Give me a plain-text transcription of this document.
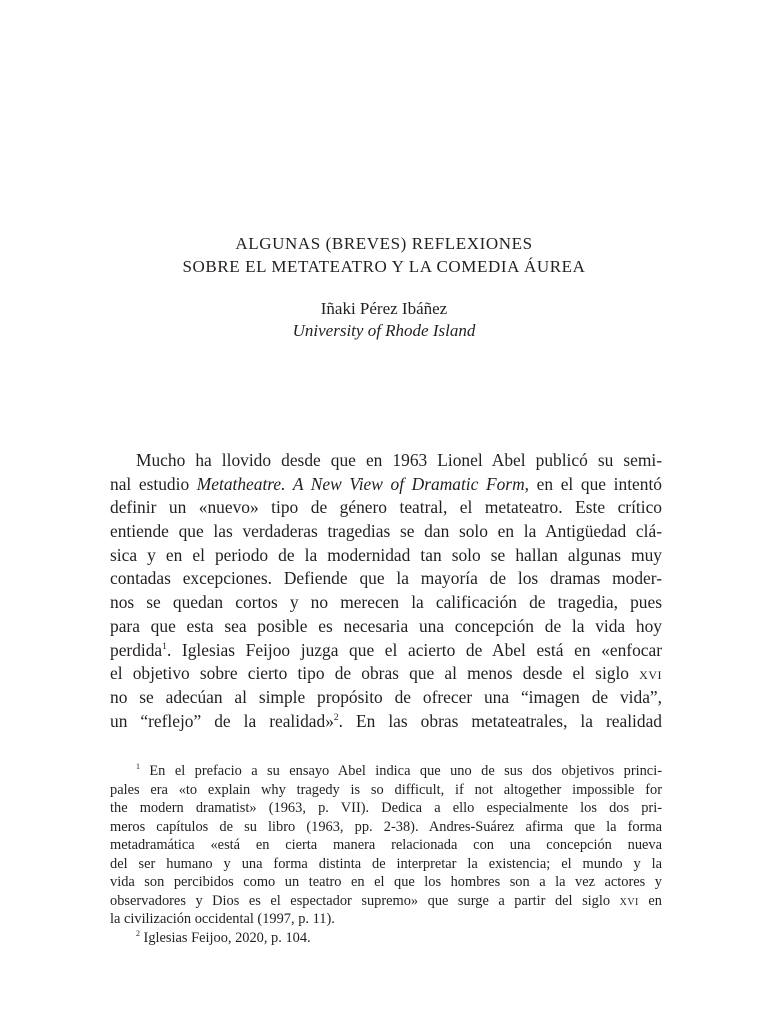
ALGUNAS (BREVES) REFLEXIONES
SOBRE EL METATEATRO Y LA COMEDIA ÁUREA
Iñaki Pérez Ibáñez
University of Rhode Island
Mucho ha llovido desde que en 1963 Lionel Abel publicó su semi-
nal estudio Metatheatre. A New View of Dramatic Form, en el que intentó
definir un «nuevo» tipo de género teatral, el metateatro. Este crítico
entiende que las verdaderas tragedias se dan solo en la Antigüedad clá-
sica y en el periodo de la modernidad tan solo se hallan algunas muy
contadas excepciones. Defiende que la mayoría de los dramas moder-
nos se quedan cortos y no merecen la calificación de tragedia, pues
para que esta sea posible es necesaria una concepción de la vida hoy
perdida$^1$. Iglesias Feijoo juzga que el acierto de Abel está en «enfocar
el objetivo sobre cierto tipo de obras que al menos desde el siglo xvi
no se adecúan al simple propósito de ofrecer una “imagen de vida”,
un “reflejo” de la realidad»$^2$. En las obras metateatrales, la realidad
$^1$ En el prefacio a su ensayo Abel indica que uno de sus dos objetivos princi-
pales era «to explain why tragedy is so difficult, if not altogether impossible for
the modern dramatist» (1963, p. VII). Dedica a ello especialmente los dos pri-
meros capítulos de su libro (1963, pp. 2-38). Andres-Suárez afirma que la forma
metadramática «está en cierta manera relacionada con una concepción nueva
del ser humano y una forma distinta de interpretar la existencia; el mundo y la
vida son percibidos como un teatro en el que los hombres son a la vez actores y
observadores y Dios es el espectador supremo» que surge a partir del siglo xvi en
la civilización occidental (1997, p. 11).
$^2$ Iglesias Feijoo, 2020, p. 104.
